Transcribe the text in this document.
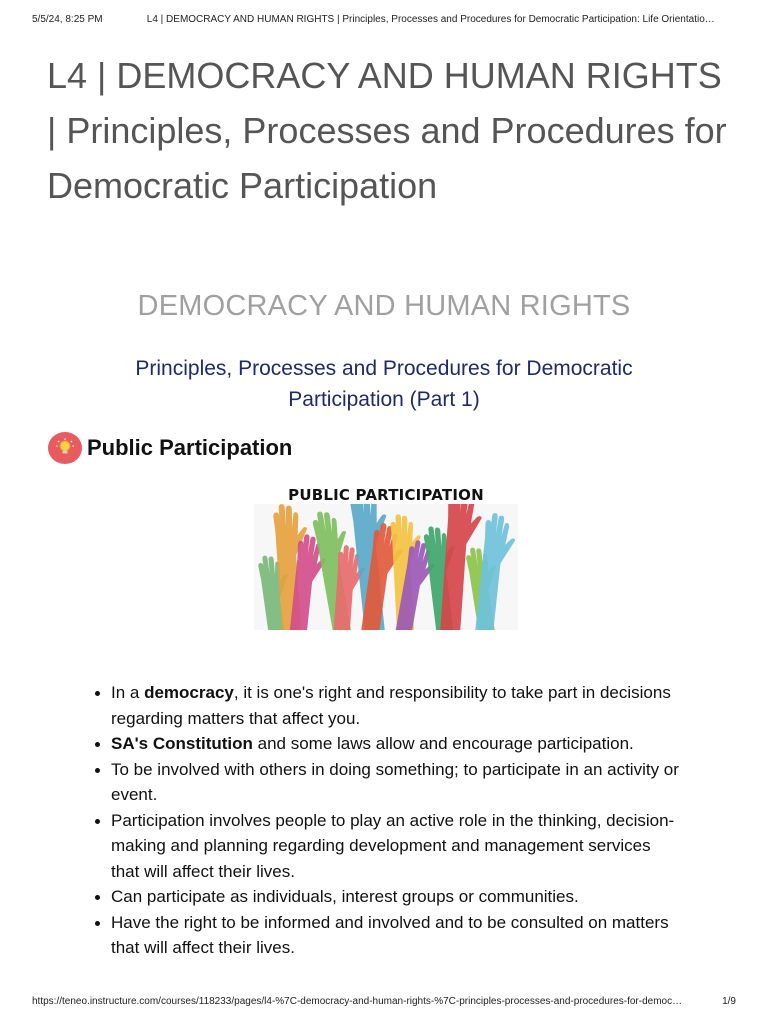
5/5/24, 8:25 PM	L4 | DEMOCRACY AND HUMAN RIGHTS | Principles, Processes and Procedures for Democratic Participation: Life Orientatio…
L4 | DEMOCRACY AND HUMAN RIGHTS | Principles, Processes and Procedures for Democratic Participation
DEMOCRACY AND HUMAN RIGHTS
Principles, Processes and Procedures for Democratic Participation (Part 1)
Public Participation
PUBLIC PARTICIPATION
In a democracy, it is one's right and responsibility to take part in decisions regarding matters that affect you.
SA's Constitution and some laws allow and encourage participation.
To be involved with others in doing something; to participate in an activity or event.
Participation involves people to play an active role in the thinking, decision-making and planning regarding development and management services that will affect their lives.
Can participate as individuals, interest groups or communities.
Have the right to be informed and involved and to be consulted on matters that will affect their lives.
https://teneo.instructure.com/courses/118233/pages/l4-%7C-democracy-and-human-rights-%7C-principles-processes-and-procedures-for-democ…	1/9
